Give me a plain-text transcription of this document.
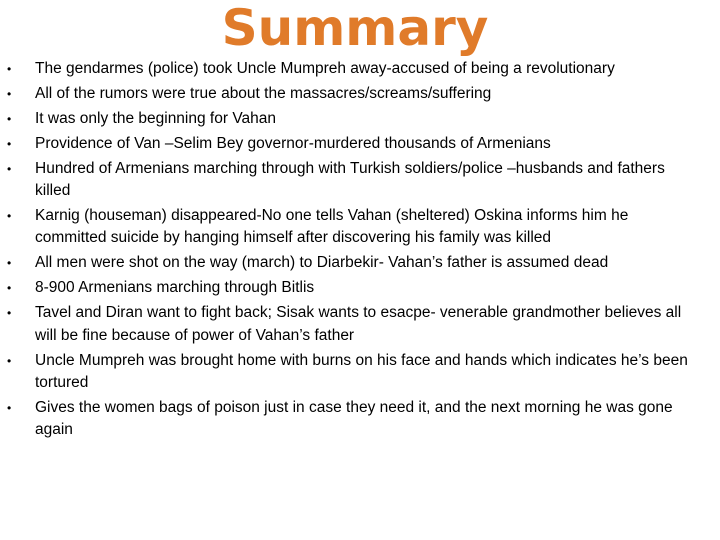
Summary
• The gendarmes (police) took Uncle Mumpreh away-accused of being a revolutionary
• All of the rumors were true about the massacres/screams/suffering
• It was only the beginning for Vahan
• Providence of Van –Selim Bey governor-murdered thousands of Armenians
• Hundred of Armenians marching through with Turkish soldiers/police –husbands and fathers killed
• Karnig (houseman) disappeared-No one tells Vahan (sheltered) Oskina informs him he committed suicide by hanging himself after discovering his family was killed
• All men were shot on the way (march) to Diarbekir- Vahan’s father is assumed dead
• 8-900 Armenians marching through Bitlis
• Tavel and Diran want to fight back; Sisak wants to esacpe- venerable grandmother believes all will be fine because of power of Vahan’s father
• Uncle Mumpreh was brought home with burns on his face and hands which indicates he’s been tortured
• Gives the women bags of poison just in case they need it, and the next morning he was gone again
